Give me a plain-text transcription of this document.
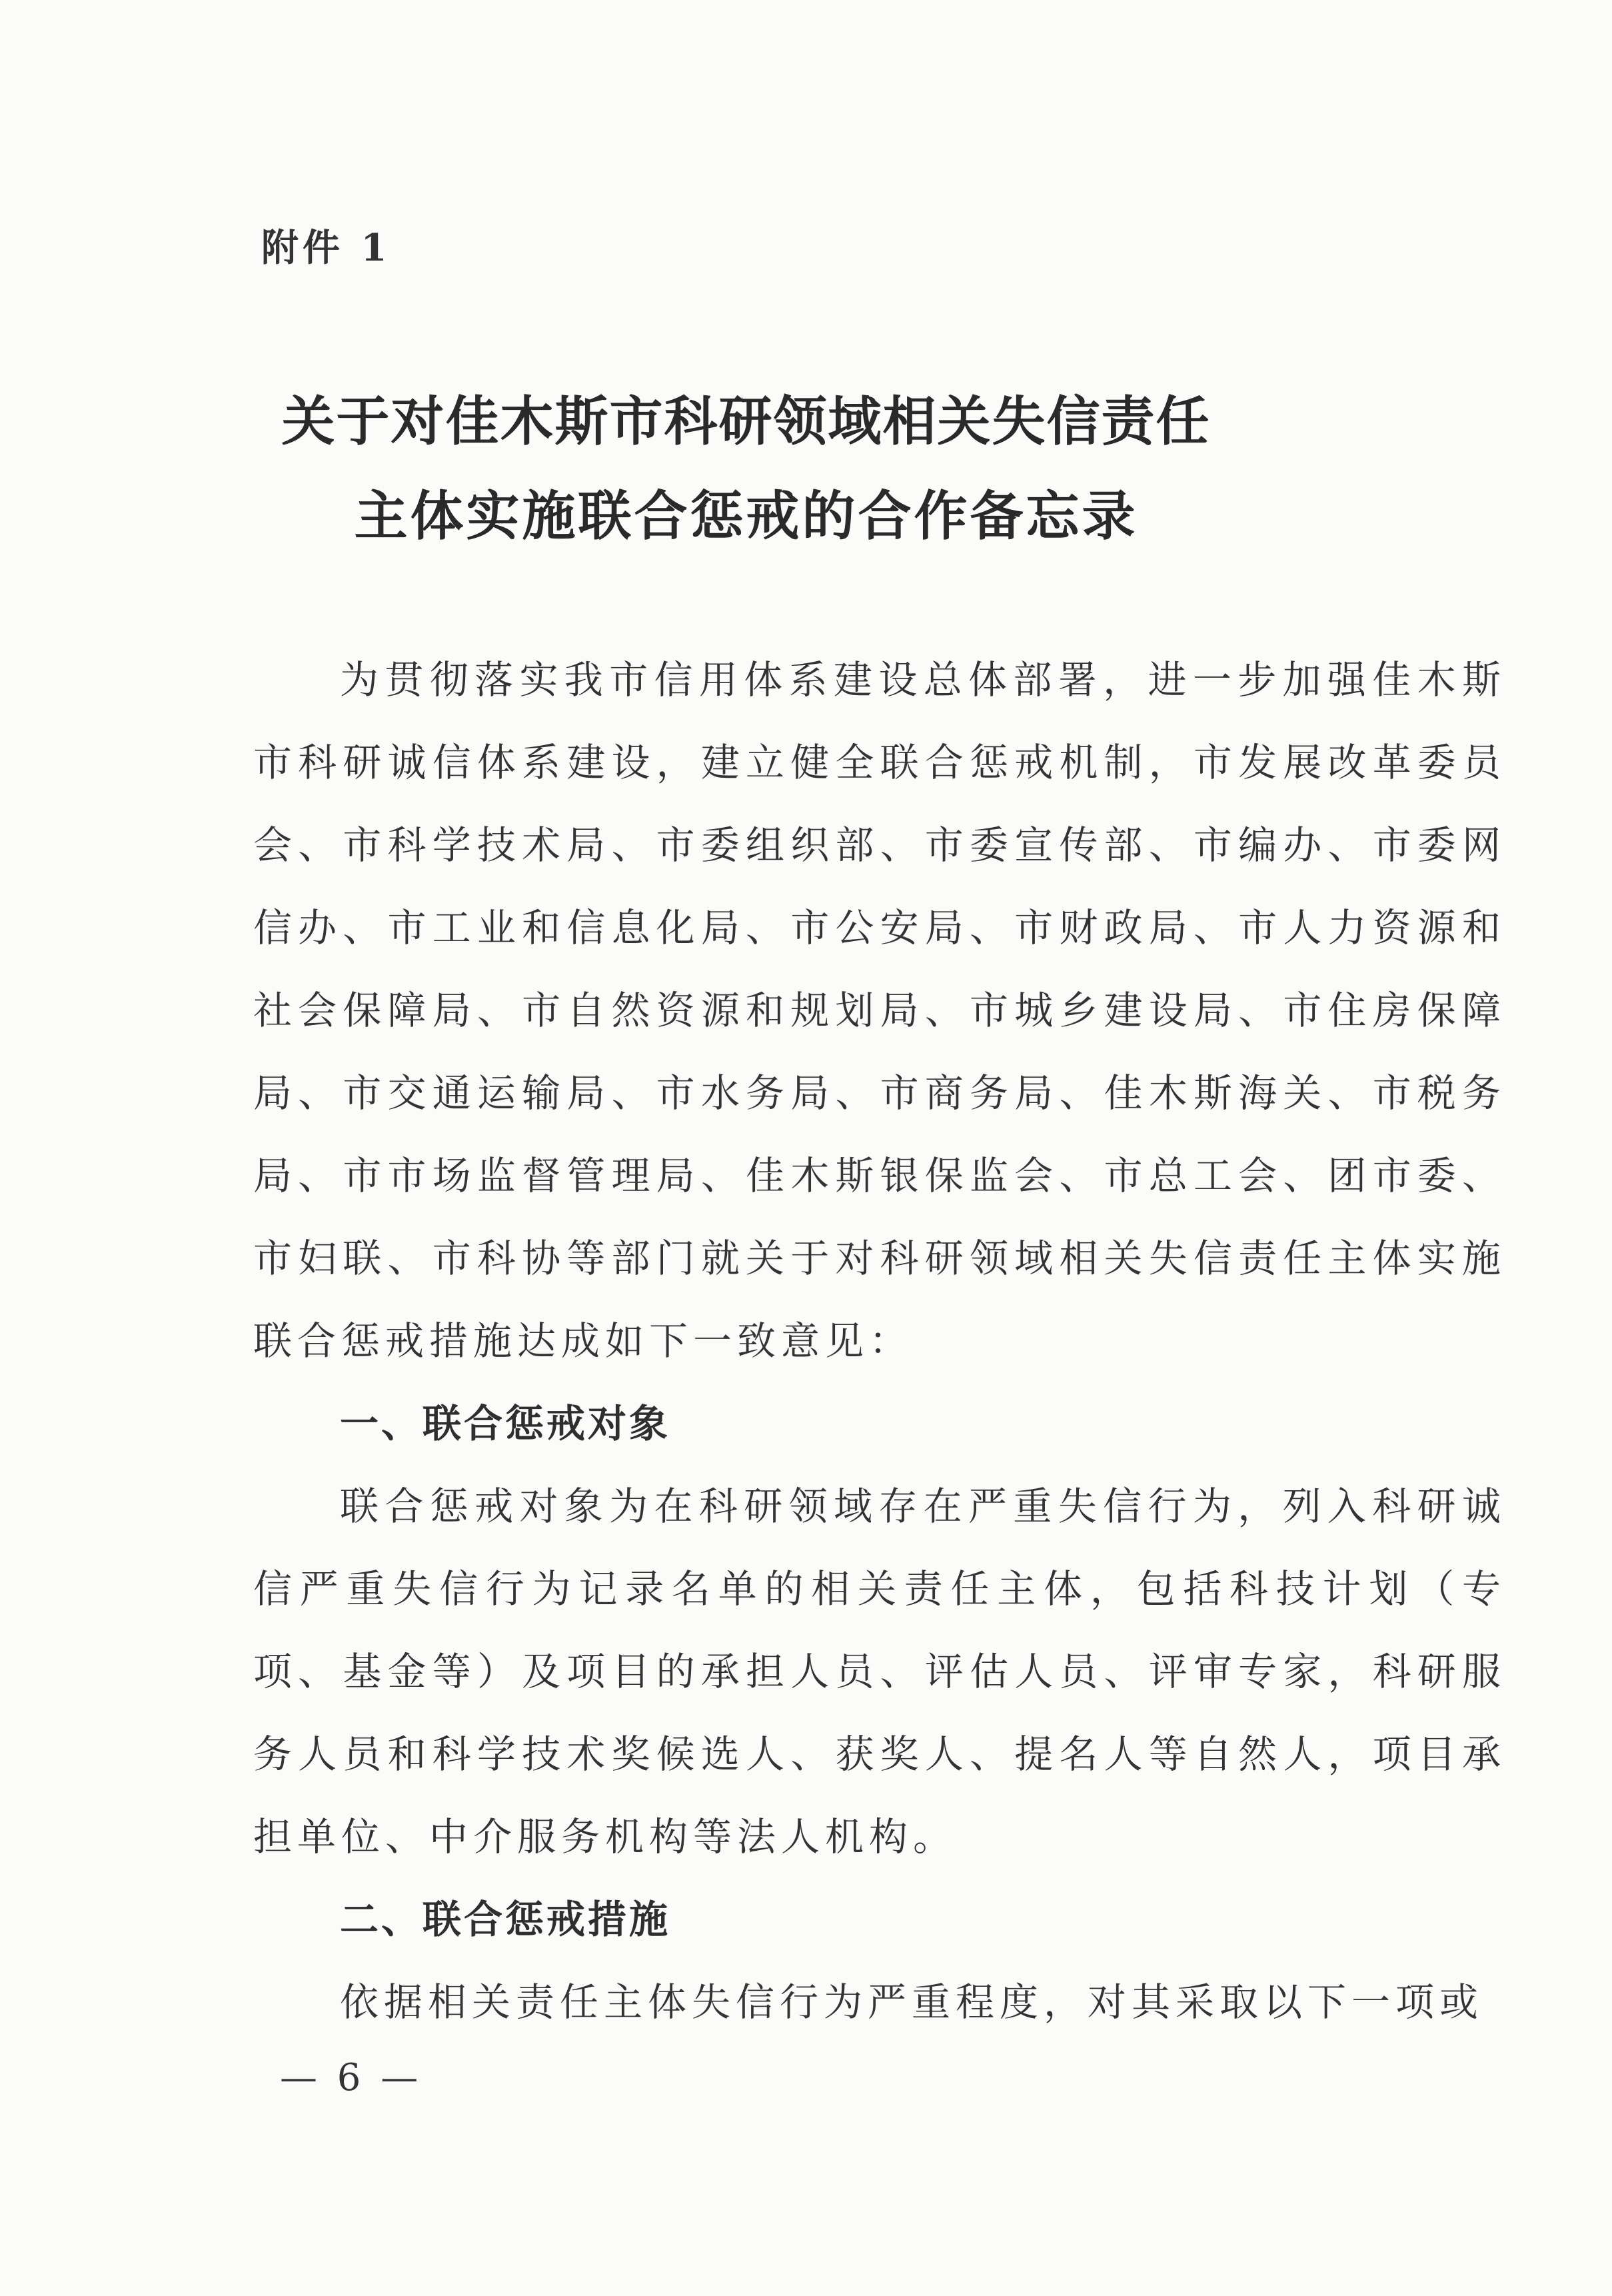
附件 1
关于对佳木斯市科研领域相关失信责任
主体实施联合惩戒的合作备忘录

为贯彻落实我市信用体系建设总体部署，进一步加强佳木斯市科研诚信体系建设，建立健全联合惩戒机制，市发展改革委员会、市科学技术局、市委组织部、市委宣传部、市编办、市委网信办、市工业和信息化局、市公安局、市财政局、市人力资源和社会保障局、市自然资源和规划局、市城乡建设局、市住房保障局、市交通运输局、市水务局、市商务局、佳木斯海关、市税务局、市市场监督管理局、佳木斯银保监会、市总工会、团市委、市妇联、市科协等部门就关于对科研领域相关失信责任主体实施联合惩戒措施达成如下一致意见：

一、联合惩戒对象

联合惩戒对象为在科研领域存在严重失信行为，列入科研诚信严重失信行为记录名单的相关责任主体，包括科技计划（专项、基金等）及项目的承担人员、评估人员、评审专家，科研服务人员和科学技术奖候选人、获奖人、提名人等自然人，项目承担单位、中介服务机构等法人机构。

二、联合惩戒措施

依据相关责任主体失信行为严重程度，对其采取以下一项或

— 6 —
